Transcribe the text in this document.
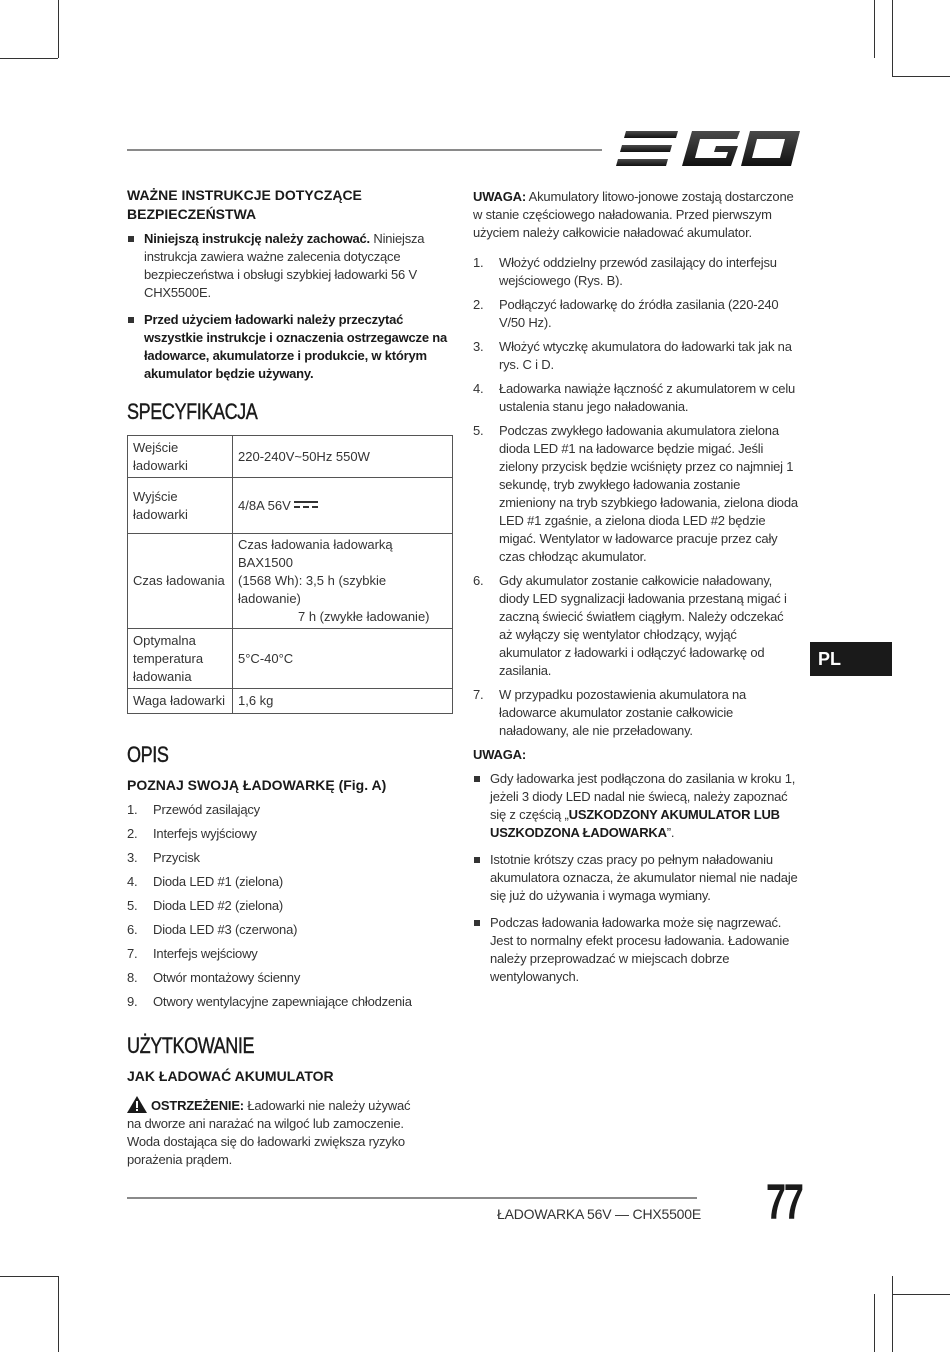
WAŻNE INSTRUKCJE DOTYCZĄCE BEZPIECZEŃSTWA
Niniejszą instrukcję należy zachować. Niniejsza instrukcja zawiera ważne zalecenia dotyczące bezpieczeństwa i obsługi szybkiej ładowarki 56 V CHX5500E.
Przed użyciem ładowarki należy przeczytać wszystkie instrukcje i oznaczenia ostrzegawcze na ładowarce, akumulatorze i produkcie, w którym akumulator będzie używany.
SPECYFIKACJA
Wejście ładowarki	220-240V~50Hz 550W
Wyjście ładowarki	4/8A 56V
Czas ładowania	Czas ładowania ładowarką BAX1500
(1568 Wh): 3,5 h (szybkie ładowanie)
7 h (zwykłe ładowanie)

Optymalna temperatura ładowania	5°C-40°C
Waga ładowarki	1,6 kg
OPIS
POZNAJ SWOJĄ ŁADOWARKĘ (Fig. A)
1. Przewód zasilający
2. Interfejs wyjściowy
3. Przycisk
4. Dioda LED #1 (zielona)
5. Dioda LED #2 (zielona)
6. Dioda LED #3 (czerwona)
7. Interfejs wejściowy
8. Otwór montażowy ścienny
9. Otwory wentylacyjne zapewniające chłodzenia
UŻYTKOWANIE
JAK ŁADOWAĆ AKUMULATOR
OSTRZEŻENIE: Ładowarki nie należy używać na dworze ani narażać na wilgoć lub zamoczenie. Woda dostająca się do ładowarki zwiększa ryzyko porażenia prądem.
UWAGA: Akumulatory litowo-jonowe zostają dostarczone w stanie częściowego naładowania. Przed pierwszym użyciem należy całkowicie naładować akumulator.
1. Włożyć oddzielny przewód zasilający do interfejsu wejściowego (Rys. B).
2. Podłączyć ładowarkę do źródła zasilania (220-240 V/50 Hz).
3. Włożyć wtyczkę akumulatora do ładowarki tak jak na rys. C i D.
4. Ładowarka nawiąże łączność z akumulatorem w celu ustalenia stanu jego naładowania.
5. Podczas zwykłego ładowania akumulatora zielona dioda LED #1 na ładowarce będzie migać. Jeśli zielony przycisk będzie wciśnięty przez co najmniej 1 sekundę, tryb zwykłego ładowania zostanie zmieniony na tryb szybkiego ładowania, zielona dioda LED #1 zgaśnie, a zielona dioda LED #2 będzie migać. Wentylator w ładowarce pracuje przez cały czas chłodząc akumulator.
6. Gdy akumulator zostanie całkowicie naładowany, diody LED sygnalizacji ładowania przestaną migać i zaczną świecić światłem ciągłym. Należy odczekać aż wyłączy się wentylator chłodzący, wyjąć akumulator z ładowarki i odłączyć ładowarkę od zasilania.
7. W przypadku pozostawienia akumulatora na ładowarce akumulator zostanie całkowicie naładowany, ale nie przeładowany.
UWAGA:
Gdy ładowarka jest podłączona do zasilania w kroku 1, jeżeli 3 diody LED nadal nie świecą, należy zapoznać się z częścią „USZKODZONY AKUMULATOR LUB USZKODZONA ŁADOWARKA”.
Istotnie krótszy czas pracy po pełnym naładowaniu akumulatora oznacza, że akumulator niemal nie nadaje się już do używania i wymaga wymiany.
Podczas ładowania ładowarka może się nagrzewać. Jest to normalny efekt procesu ładowania. Ładowanie należy przeprowadzać w miejscach dobrze wentylowanych.
PL
ŁADOWARKA 56V — CHX5500E 77
